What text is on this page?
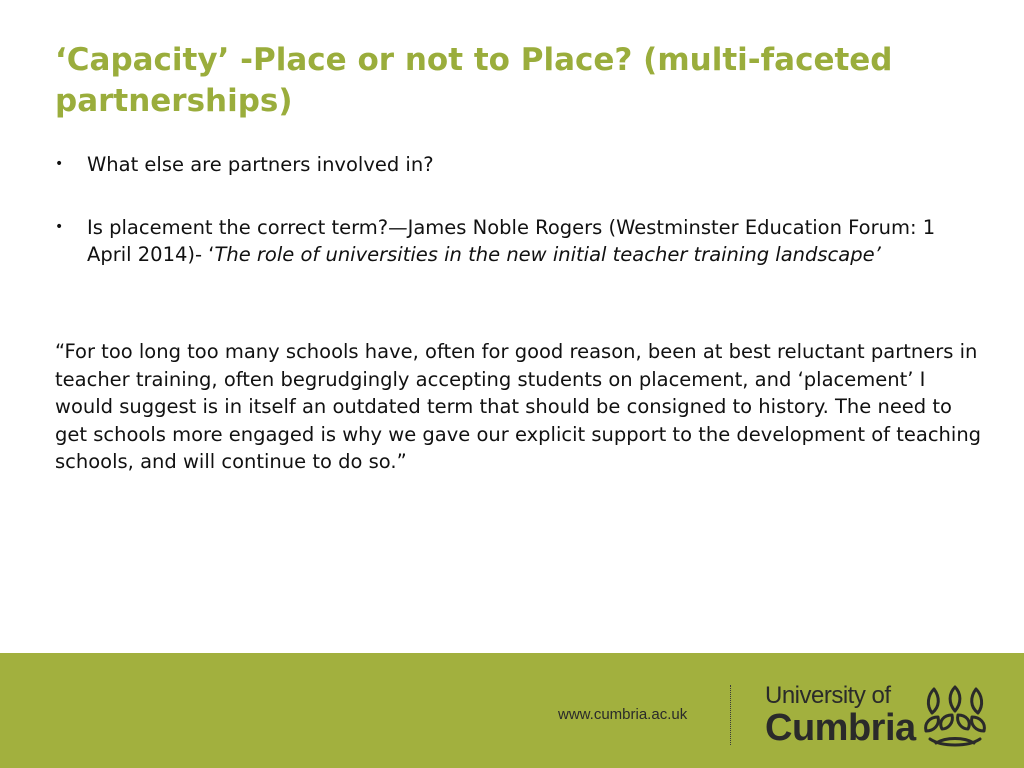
‘Capacity’ -Place or not to Place? (multi-faceted partnerships)
• What else are partners involved in?
• Is placement the correct term?—James Noble Rogers (Westminster Education Forum: 1 April 2014)- ‘The role of universities in the new initial teacher training landscape’

“For too long too many schools have, often for good reason, been at best reluctant partners in teacher training, often begrudgingly accepting students on placement, and ‘placement’ I would suggest is in itself an outdated term that should be consigned to history. The need to get schools more engaged is why we gave our explicit support to the development of teaching schools, and will continue to do so.”

www.cumbria.ac.uk
University of
Cumbria
